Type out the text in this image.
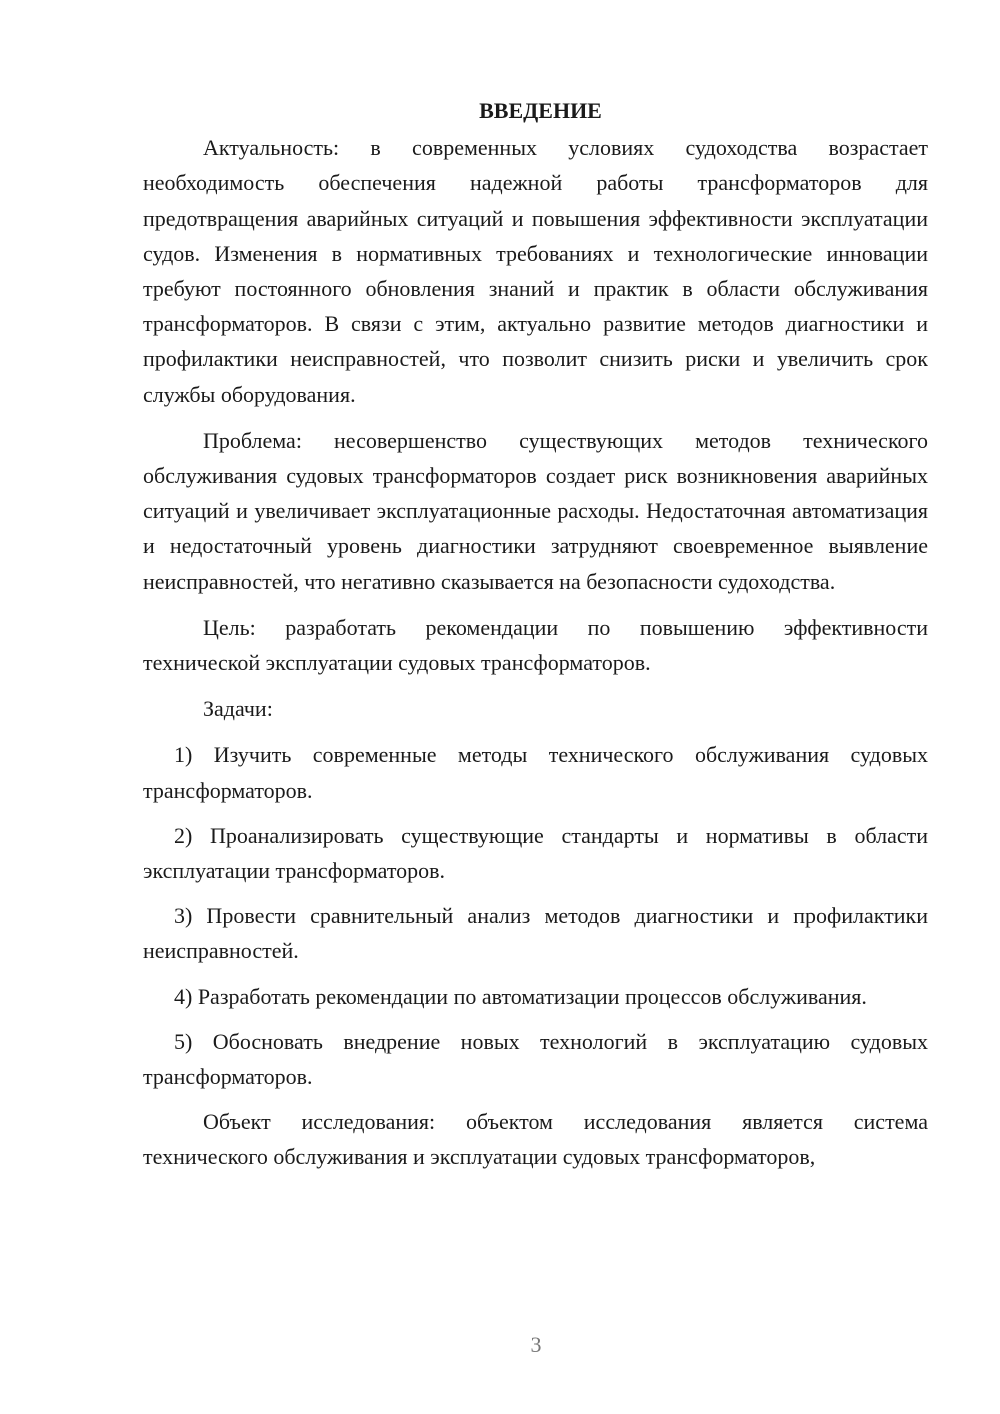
ВВЕДЕНИЕ

Актуальность: в современных условиях судоходства возрастает необходимость обеспечения надежной работы трансформаторов для предотвращения аварийных ситуаций и повышения эффективности эксплуатации судов. Изменения в нормативных требованиях и технологические инновации требуют постоянного обновления знаний и практик в области обслуживания трансформаторов. В связи с этим, актуально развитие методов диагностики и профилактики неисправностей, что позволит снизить риски и увеличить срок службы оборудования.

Проблема: несовершенство существующих методов технического обслуживания судовых трансформаторов создает риск возникновения аварийных ситуаций и увеличивает эксплуатационные расходы. Недостаточная автоматизация и недостаточный уровень диагностики затрудняют своевременное выявление неисправностей, что негативно сказывается на безопасности судоходства.

Цель: разработать рекомендации по повышению эффективности технической эксплуатации судовых трансформаторов.

Задачи:

1) Изучить современные методы технического обслуживания судовых трансформаторов.

2) Проанализировать существующие стандарты и нормативы в области эксплуатации трансформаторов.

3) Провести сравнительный анализ методов диагностики и профилактики неисправностей.

4) Разработать рекомендации по автоматизации процессов обслуживания.

5) Обосновать внедрение новых технологий в эксплуатацию судовых трансформаторов.

Объект исследования: объектом исследования является система технического обслуживания и эксплуатации судовых трансформаторов,

3
